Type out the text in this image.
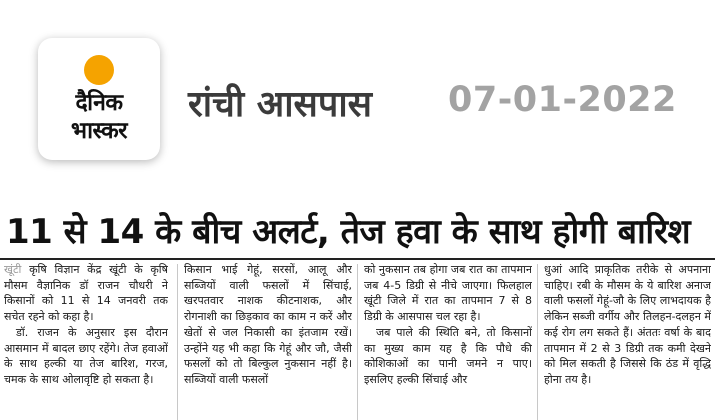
दैनिक
भास्कर
रांची आसपास 07-01-2022
11 से 14 के बीच अलर्ट, तेज हवा के साथ होगी बारिश

खूंटी कृषि विज्ञान केंद्र खूंटी के कृषि मौसम वैज्ञानिक डॉ राजन चौधरी ने किसानों को 11 से 14 जनवरी तक सचेत रहने को कहा है।

डॉ. राजन के अनुसार इस दौरान आसमान में बादल छाए रहेंगे। तेज हवाओं के साथ हल्की या तेज बारिश, गरज, चमक के साथ ओलावृष्टि हो सकता है।

किसान भाई गेहूं, सरसों, आलू और सब्जियों वाली फसलों में सिंचाई, खरपतवार नाशक कीटनाशक, और रोगनाशी का छिड़काव का काम न करें और खेतों से जल निकासी का इंतजाम रखें। उन्होंने यह भी कहा कि गेहूं और जौ, जैसी फसलों को तो बिल्कुल नुकसान नहीं है। सब्जियों वाली फसलों

को नुकसान तब होगा जब रात का तापमान जब 4-5 डिग्री से नीचे जाएगा। फिलहाल खूंटी जिले में रात का तापमान 7 से 8 डिग्री के आसपास चल रहा है।

जब पाले की स्थिति बने, तो किसानों का मुख्य काम यह है कि पौधे की कोशिकाओं का पानी जमने न पाए। इसलिए हल्की सिंचाई और

धुआं आदि प्राकृतिक तरीके से अपनाना चाहिए। रबी के मौसम के ये बारिश अनाज वाली फसलों गेहूं-जौ के लिए लाभदायक है लेकिन सब्जी वर्गीय और तिलहन-दलहन में कई रोग लग सकते हैं। अंततः वर्षा के बाद तापमान में 2 से 3 डिग्री तक कमी देखने को मिल सकती है जिससे कि ठंड में वृद्धि होना तय है।
